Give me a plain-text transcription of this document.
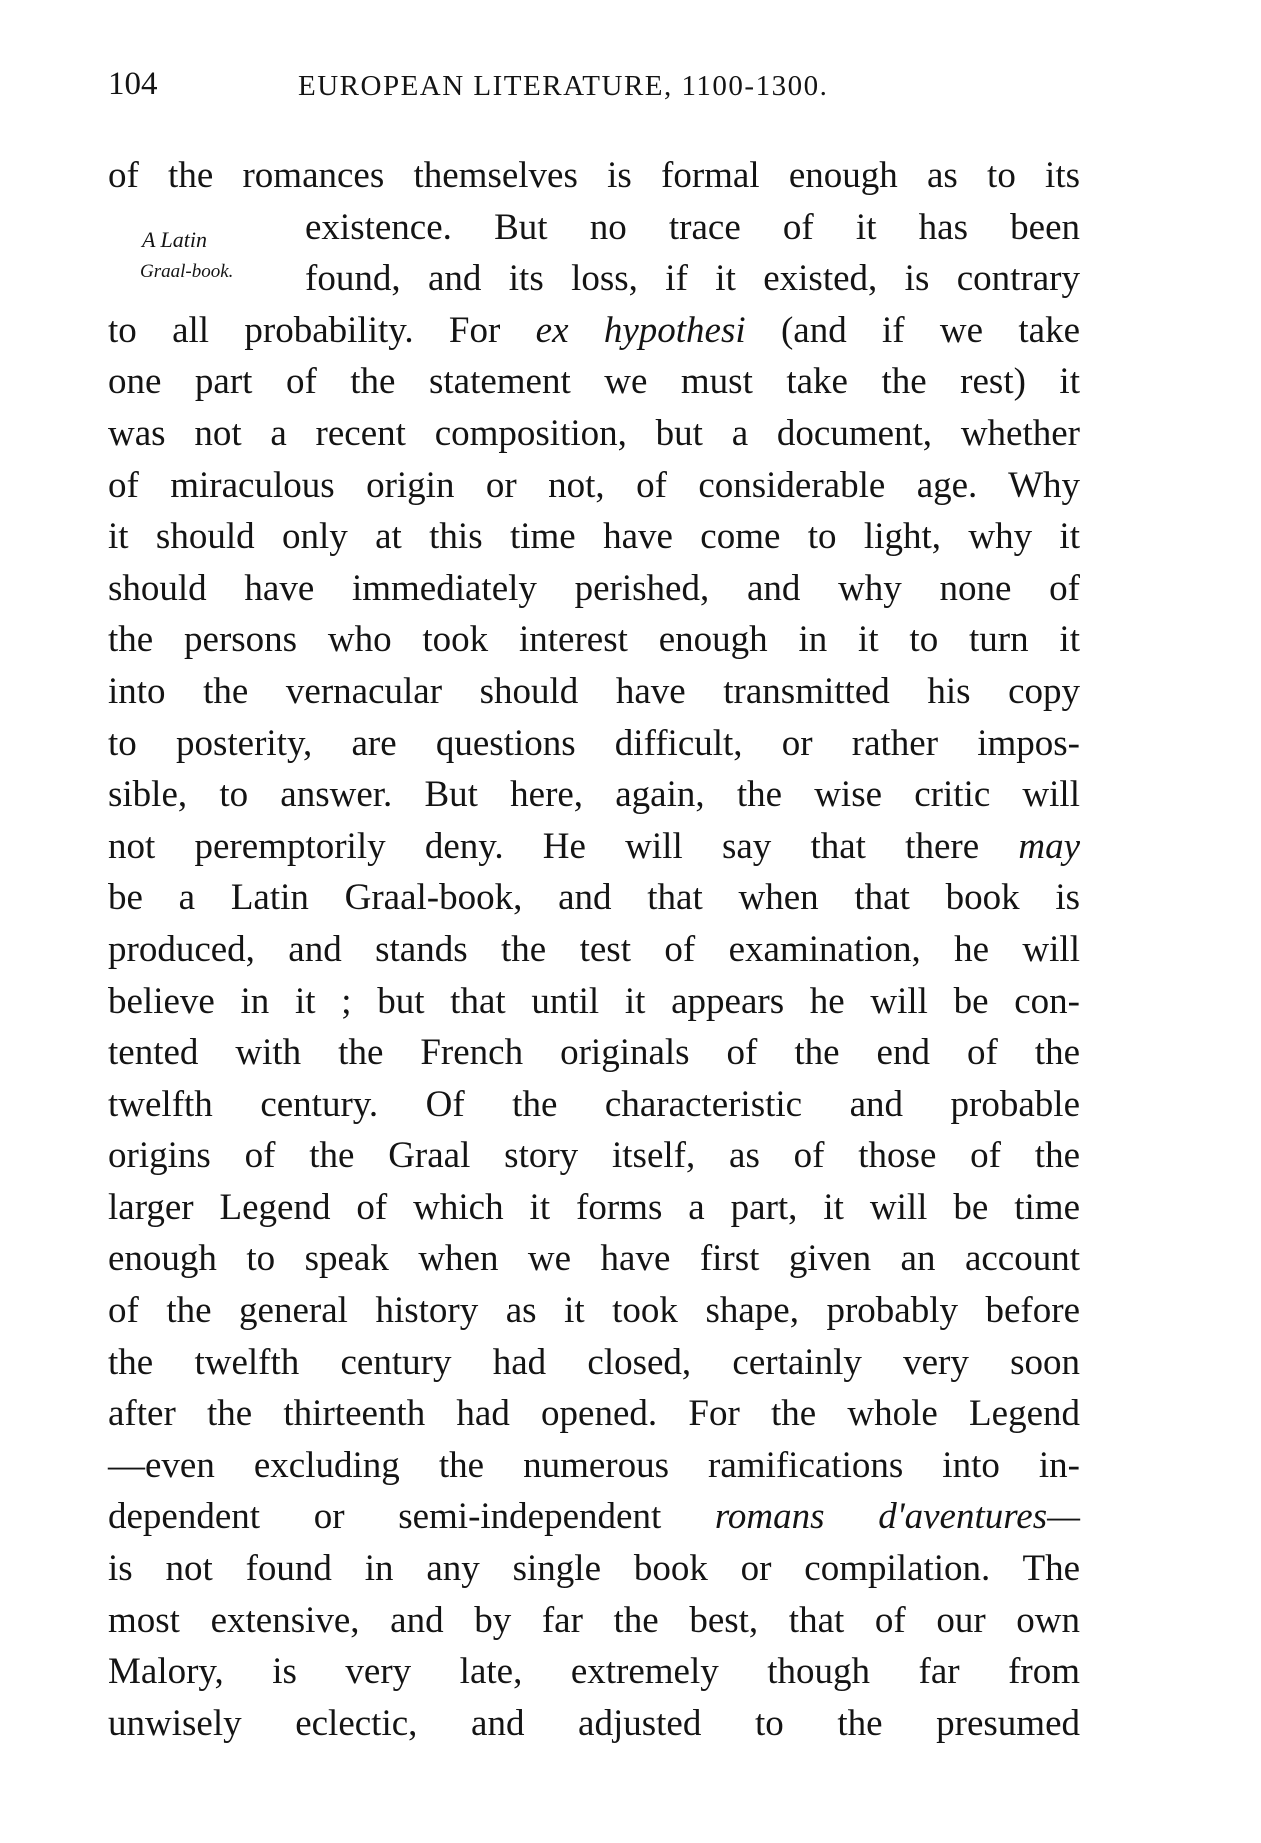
104	EUROPEAN LITERATURE, 1100-1300.
A Latin
Graal-book.
of the romances themselves is formal enough as to its
existence. But no trace of it has been
found, and its loss, if it existed, is contrary
to all probability. For ex hypothesi (and if we take
one part of the statement we must take the rest) it
was not a recent composition, but a document, whether
of miraculous origin or not, of considerable age. Why
it should only at this time have come to light, why it
should have immediately perished, and why none of
the persons who took interest enough in it to turn it
into the vernacular should have transmitted his copy
to posterity, are questions difficult, or rather impos-
sible, to answer. But here, again, the wise critic will
not peremptorily deny. He will say that there may
be a Latin Graal-book, and that when that book is
produced, and stands the test of examination, he will
believe in it ; but that until it appears he will be con-
tented with the French originals of the end of the
twelfth century. Of the characteristic and probable
origins of the Graal story itself, as of those of the
larger Legend of which it forms a part, it will be time
enough to speak when we have first given an account
of the general history as it took shape, probably before
the twelfth century had closed, certainly very soon
after the thirteenth had opened. For the whole Legend
—even excluding the numerous ramifications into in-
dependent or semi-independent romans d'aventures—
is not found in any single book or compilation. The
most extensive, and by far the best, that of our own
Malory, is very late, extremely though far from
unwisely eclectic, and adjusted to the presumed
